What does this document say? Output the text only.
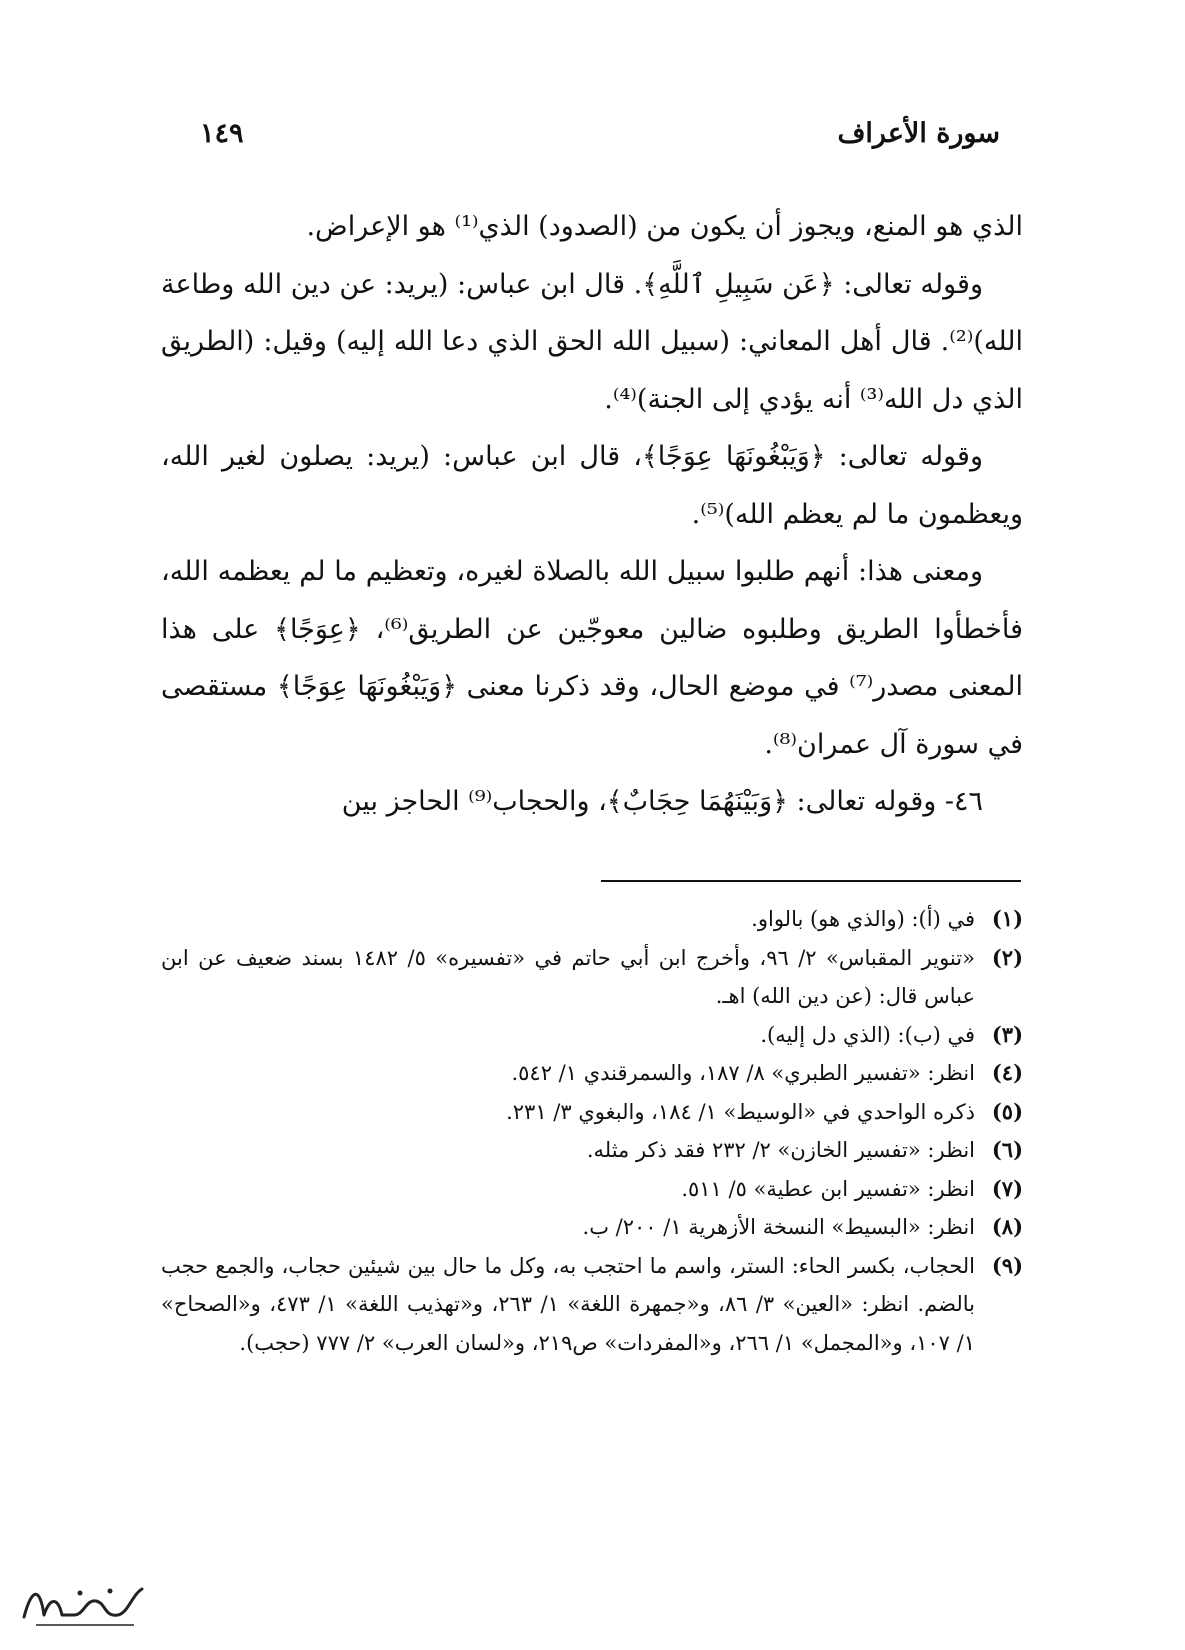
سورة الأعراف
١٤٩

الذي هو المنع، ويجوز أن يكون من (الصدود) الذي⁽¹⁾ هو الإعراض.

وقوله تعالى: ﴿عَن سَبِيلِ ٱللَّهِ﴾. قال ابن عباس: (يريد: عن دين الله وطاعة الله)⁽²⁾. قال أهل المعاني: (سبيل الله الحق الذي دعا الله إليه) وقيل: (الطريق الذي دل الله⁽³⁾ أنه يؤدي إلى الجنة)⁽⁴⁾.

وقوله تعالى: ﴿وَيَبْغُونَهَا عِوَجًا﴾، قال ابن عباس: (يريد: يصلون لغير الله، ويعظمون ما لم يعظم الله)⁽⁵⁾.

ومعنى هذا: أنهم طلبوا سبيل الله بالصلاة لغيره، وتعظيم ما لم يعظمه الله، فأخطأوا الطريق وطلبوه ضالين معوجّين عن الطريق⁽⁶⁾، ﴿عِوَجًا﴾ على هذا المعنى مصدر⁽⁷⁾ في موضع الحال، وقد ذكرنا معنى ﴿وَيَبْغُونَهَا عِوَجًا﴾ مستقصى في سورة آل عمران⁽⁸⁾.

٤٦- وقوله تعالى: ﴿وَبَيْنَهُمَا حِجَابٌ﴾، والحجاب⁽⁹⁾ الحاجز بين

(١)
في (أ): (والذي هو) بالواو.

(٢)
«تنوير المقباس» ٢/ ٩٦، وأخرج ابن أبي حاتم في «تفسيره» ٥/ ١٤٨٢ بسند ضعيف عن ابن عباس قال: (عن دين الله) اهـ.

(٣)
في (ب): (الذي دل إليه).

(٤)
انظر: «تفسير الطبري» ٨/ ١٨٧، والسمرقندي ١/ ٥٤٢.

(٥)
ذكره الواحدي في «الوسيط» ١/ ١٨٤، والبغوي ٣/ ٢٣١.

(٦)
انظر: «تفسير الخازن» ٢/ ٢٣٢ فقد ذكر مثله.

(٧)
انظر: «تفسير ابن عطية» ٥/ ٥١١.

(٨)
انظر: «البسيط» النسخة الأزهرية ١/ ٢٠٠/ ب.

(٩)
الحجاب، بكسر الحاء: الستر، واسم ما احتجب به، وكل ما حال بين شيئين حجاب، والجمع حجب بالضم. انظر: «العين» ٣/ ٨٦، و«جمهرة اللغة» ١/ ٢٦٣، و«تهذيب اللغة» ١/ ٤٧٣، و«الصحاح» ١/ ١٠٧، و«المجمل» ١/ ٢٦٦، و«المفردات» ص٢١٩، و«لسان العرب» ٢/ ٧٧٧ (حجب).
